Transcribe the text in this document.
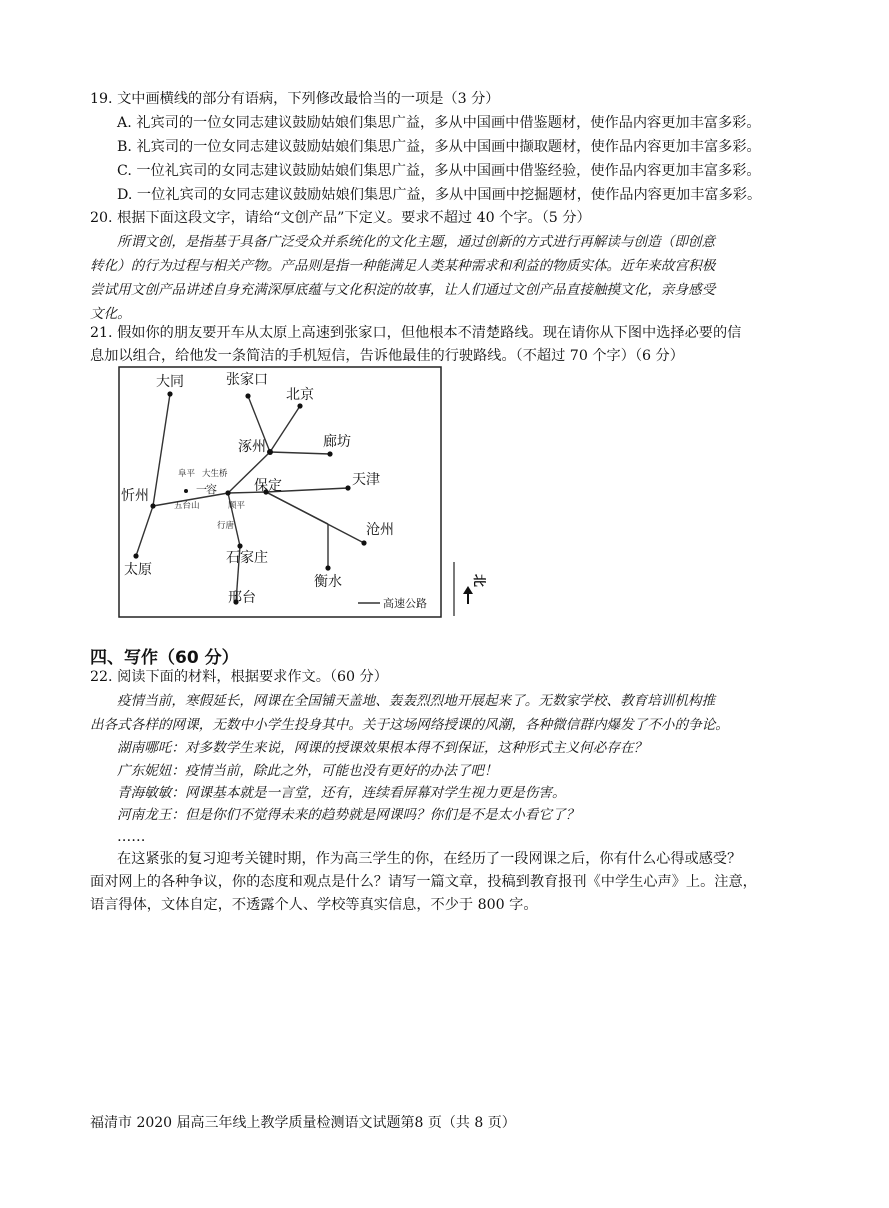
19. 文中画横线的部分有语病，下列修改最恰当的一项是（3 分）
A. 礼宾司的一位女同志建议鼓励姑娘们集思广益，多从中国画中借鉴题材，使作品内容更加丰富多彩。
B. 礼宾司的一位女同志建议鼓励姑娘们集思广益，多从中国画中撷取题材，使作品内容更加丰富多彩。
C. 一位礼宾司的女同志建议鼓励姑娘们集思广益，多从中国画中借鉴经验，使作品内容更加丰富多彩。
D. 一位礼宾司的女同志建议鼓励姑娘们集思广益，多从中国画中挖掘题材，使作品内容更加丰富多彩。
20. 根据下面这段文字，请给“文创产品”下定义。要求不超过 40 个字。（5 分）
所谓文创，是指基于具备广泛受众并系统化的文化主题，通过创新的方式进行再解读与创造（即创意
转化）的行为过程与相关产物。产品则是指一种能满足人类某种需求和利益的物质实体。近年来故宫积极
尝试用文创产品讲述自身充满深厚底蕴与文化积淀的故事，让人们通过文创产品直接触摸文化，亲身感受
文化。
21. 假如你的朋友要开车从太原上高速到张家口，但他根本不清楚路线。现在请你从下图中选择必要的信
息加以组合，给他发一条简洁的手机短信，告诉他最佳的行驶路线。（不超过 70 个字）（6 分）
大同	张家口
北京
涿州	廊坊
忻州
太原
保定	天津
沧州
石家庄
邢台
衡水
阜平 大生桥
五台山
一 容
行唐
顺平
高速公路
北
四、写作（60 分）
22. 阅读下面的材料，根据要求作文。（60 分）
疫情当前，寒假延长，网课在全国铺天盖地、轰轰烈烈地开展起来了。无数家学校、教育培训机构推
出各式各样的网课，无数中小学生投身其中。关于这场网络授课的风潮，各种微信群内爆发了不小的争论。
湖南哪吒：对多数学生来说，网课的授课效果根本得不到保证，这种形式主义何必存在？
广东妮妞：疫情当前，除此之外，可能也没有更好的办法了吧！
青海敏敏：网课基本就是一言堂，还有，连续看屏幕对学生视力更是伤害。
河南龙王：但是你们不觉得未来的趋势就是网课吗？你们是不是太小看它了？
……
在这紧张的复习迎考关键时期，作为高三学生的你，在经历了一段网课之后，你有什么心得或感受？
面对网上的各种争议，你的态度和观点是什么？请写一篇文章，投稿到教育报刊《中学生心声》上。注意，
语言得体，文体自定，不透露个人、学校等真实信息，不少于 800 字。
福清市 2020 届高三年线上教学质量检测语文试题第8 页（共 8 页）
